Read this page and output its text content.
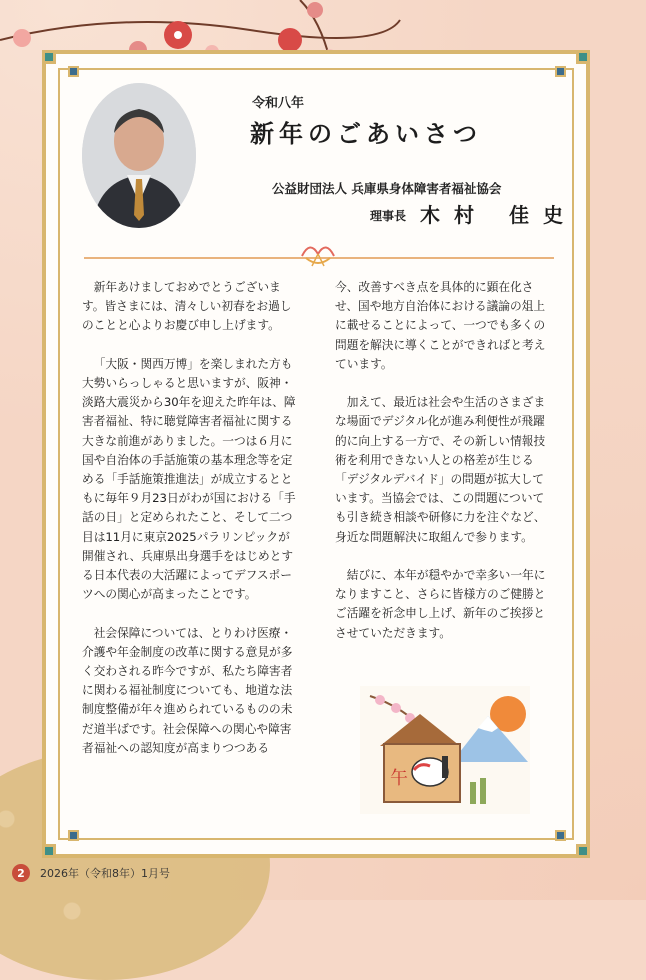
令和八年
新年のごあいさつ
公益財団法人 兵庫県身体障害者福祉協会
理事長 木村 佳史

新年あけましておめでとうございます。皆さまには、清々しい初春をお過しのことと心よりお慶び申し上げます。

「大阪・関西万博」を楽しまれた方も大勢いらっしゃると思いますが、阪神・淡路大震災から30年を迎えた昨年は、障害者福祉、特に聴覚障害者福祉に関する大きな前進がありました。一つは６月に国や自治体の手話施策の基本理念等を定める「手話施策推進法」が成立するとともに毎年９月23日がわが国における「手話の日」と定められたこと、そして二つ目は11月に東京2025パラリンピックが開催され、兵庫県出身選手をはじめとする日本代表の大活躍によってデフスポーツへの関心が高まったことです。

社会保障については、とりわけ医療・介護や年金制度の改革に関する意見が多く交わされる昨今ですが、私たち障害者に関わる福祉制度についても、地道な法制度整備が年々進められているものの未だ道半ばです。社会保障への関心や障害者福祉への認知度が高まりつつある

今、改善すべき点を具体的に顕在化させ、国や地方自治体における議論の俎上に載せることによって、一つでも多くの問題を解決に導くことができればと考えています。

加えて、最近は社会や生活のさまざまな場面でデジタル化が進み利便性が飛躍的に向上する一方で、その新しい情報技術を利用できない人との格差が生じる「デジタルデバイド」の問題が拡大しています。当協会では、この問題についても引き続き相談や研修に力を注ぐなど、身近な問題解決に取組んで参ります。

結びに、本年が穏やかで幸多い一年になりますこと、さらに皆様方のご健勝とご活躍を祈念申し上げ、新年のご挨拶とさせていただきます。

午
2	2026年（令和8年）1月号
